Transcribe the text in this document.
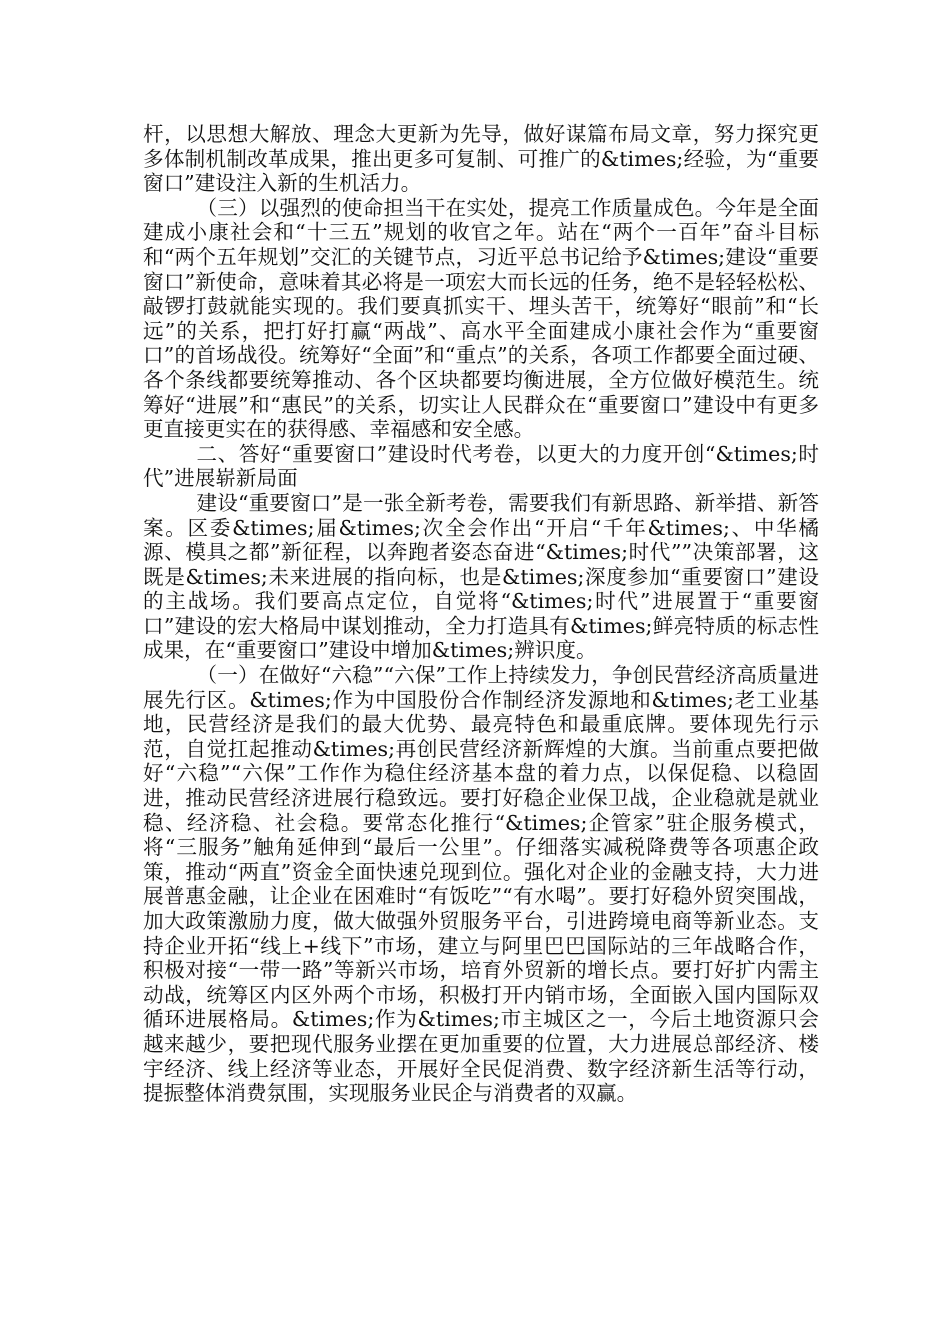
杆，以思想大解放、理念大更新为先导，做好谋篇布局文章，努力探究更多体制机制改革成果，推出更多可复制、可推广的&times;经验，为“重要窗口”建设注入新的生机活力。

（三）以强烈的使命担当干在实处，提亮工作质量成色。今年是全面建成小康社会和“十三五”规划的收官之年。站在“两个一百年”奋斗目标和“两个五年规划”交汇的关键节点，习近平总书记给予&times;建设“重要窗口”新使命，意味着其必将是一项宏大而长远的任务，绝不是轻轻松松、敲锣打鼓就能实现的。我们要真抓实干、埋头苦干，统筹好“眼前”和“长远”的关系，把打好打赢“两战”、高水平全面建成小康社会作为“重要窗口”的首场战役。统筹好“全面”和“重点”的关系，各项工作都要全面过硬、各个条线都要统筹推动、各个区块都要均衡进展，全方位做好模范生。统筹好“进展”和“惠民”的关系，切实让人民群众在“重要窗口”建设中有更多更直接更实在的获得感、幸福感和安全感。

二、答好“重要窗口”建设时代考卷，以更大的力度开创“&times;时代”进展崭新局面

建设“重要窗口”是一张全新考卷，需要我们有新思路、新举措、新答案。区委&times;届&times;次全会作出“开启“千年&times;、中华橘源、模具之都”新征程，以奔跑者姿态奋进“&times;时代””决策部署，这既是&times;未来进展的指向标，也是&times;深度参加“重要窗口”建设的主战场。我们要高点定位，自觉将“&times;时代”进展置于“重要窗口”建设的宏大格局中谋划推动，全力打造具有&times;鲜亮特质的标志性成果，在“重要窗口”建设中增加&times;辨识度。

（一）在做好“六稳”“六保”工作上持续发力，争创民营经济高质量进展先行区。&times;作为中国股份合作制经济发源地和&times;老工业基地，民营经济是我们的最大优势、最亮特色和最重底牌。要体现先行示范，自觉扛起推动&times;再创民营经济新辉煌的大旗。当前重点要把做好“六稳”“六保”工作作为稳住经济基本盘的着力点，以保促稳、以稳固进，推动民营经济进展行稳致远。要打好稳企业保卫战，企业稳就是就业稳、经济稳、社会稳。要常态化推行“&times;企管家”驻企服务模式，将“三服务”触角延伸到“最后一公里”。仔细落实减税降费等各项惠企政策，推动“两直”资金全面快速兑现到位。强化对企业的金融支持，大力进展普惠金融，让企业在困难时“有饭吃”“有水喝”。要打好稳外贸突围战，加大政策激励力度，做大做强外贸服务平台，引进跨境电商等新业态。支持企业开拓“线上+线下”市场，建立与阿里巴巴国际站的三年战略合作，积极对接“一带一路”等新兴市场，培育外贸新的增长点。要打好扩内需主动战，统筹区内区外两个市场，积极打开内销市场，全面嵌入国内国际双循环进展格局。&times;作为&times;市主城区之一，今后土地资源只会越来越少，要把现代服务业摆在更加重要的位置，大力进展总部经济、楼宇经济、线上经济等业态，开展好全民促消费、数字经济新生活等行动，提振整体消费氛围，实现服务业民企与消费者的双赢。
